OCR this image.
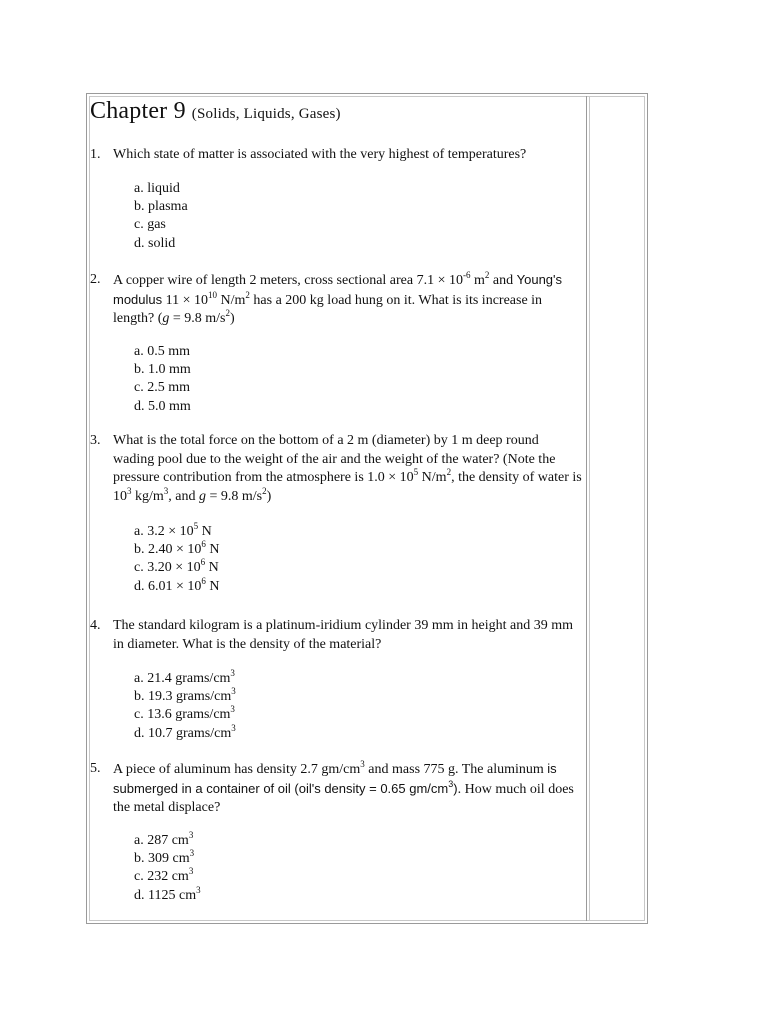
Chapter 9 (Solids, Liquids, Gases)
1. Which state of matter is associated with the very highest of temperatures?
a. liquid
b. plasma
c. gas
d. solid
2. A copper wire of length 2 meters, cross sectional area $7.1 \times 10^{-6}$ $m^2$ and Young's modulus $11 \times 10^{10}$ $N/m^2$ has a 200 kg load hung on it. What is its increase in length? (g = 9.8 $m/s^2$)
a. 0.5 mm
b. 1.0 mm
c. 2.5 mm
d. 5.0 mm
3. What is the total force on the bottom of a 2 m (diameter) by 1 m deep round wading pool due to the weight of the air and the weight of the water? (Note the pressure contribution from the atmosphere is $1.0 \times 10^5$ $N/m^2$, the density of water is $10^3$ $kg/m^3$, and g = 9.8 $m/s^2$)
a. $3.2 \times 10^5$ N
b. $2.40 \times 10^6$ N
c. $3.20 \times 10^6$ N
d. $6.01 \times 10^6$ N
4. The standard kilogram is a platinum-iridium cylinder 39 mm in height and 39 mm in diameter. What is the density of the material?
a. 21.4 grams/$cm^3$
b. 19.3 grams/$cm^3$
c. 13.6 grams/$cm^3$
d. 10.7 grams/$cm^3$
5. A piece of aluminum has density 2.7 $gm/cm^3$ and mass 775 g. The aluminum is submerged in a container of oil (oil's density = 0.65 $gm/cm^3$). How much oil does the metal displace?
a. 287 $cm^3$
b. 309 $cm^3$
c. 232 $cm^3$
d. 1125 $cm^3$
